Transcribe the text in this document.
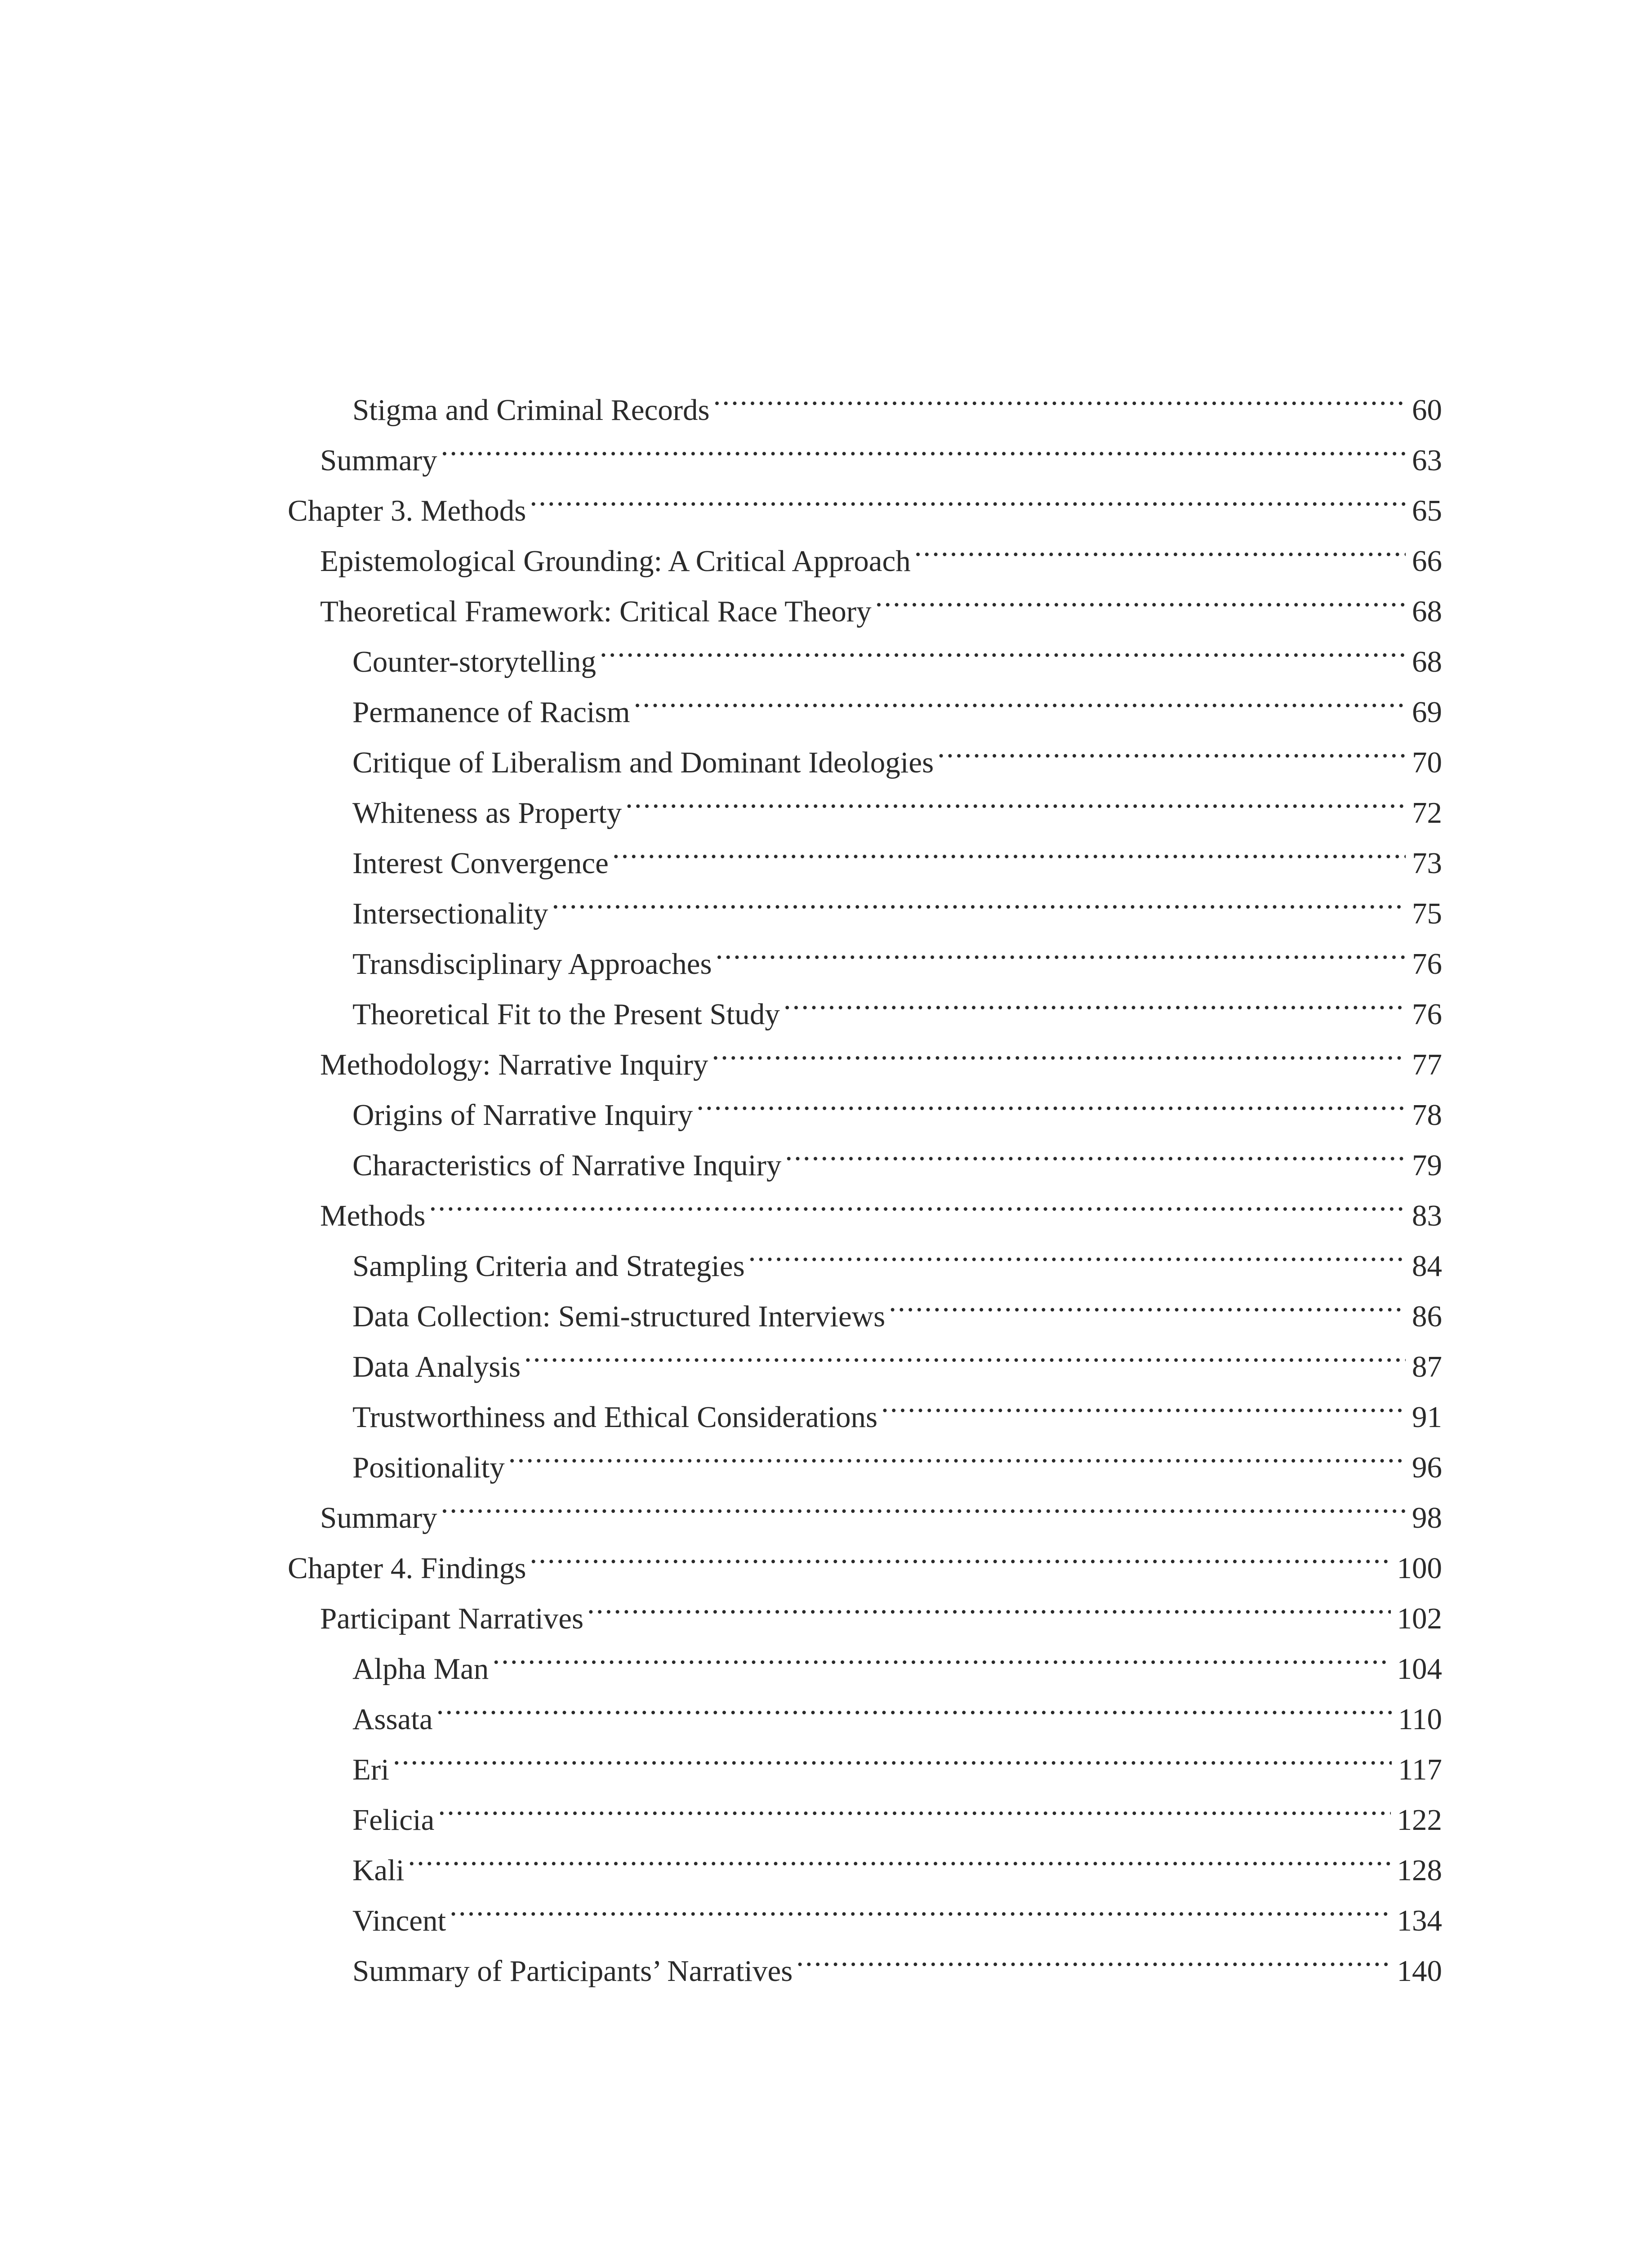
Stigma and Criminal Records .....	60
Summary .....	63
Chapter 3. Methods .....	65
Epistemological Grounding: A Critical Approach .....	66
Theoretical Framework: Critical Race Theory .....	68
Counter-storytelling .....	68
Permanence of Racism .....	69
Critique of Liberalism and Dominant Ideologies .....	70
Whiteness as Property .....	72
Interest Convergence .....	73
Intersectionality .....	75
Transdisciplinary Approaches .....	76
Theoretical Fit to the Present Study .....	76
Methodology: Narrative Inquiry .....	77
Origins of Narrative Inquiry .....	78
Characteristics of Narrative Inquiry .....	79
Methods .....	83
Sampling Criteria and Strategies .....	84
Data Collection: Semi-structured Interviews .....	86
Data Analysis .....	87
Trustworthiness and Ethical Considerations .....	91
Positionality .....	96
Summary .....	98
Chapter 4. Findings .....	100
Participant Narratives .....	102
Alpha Man .....	104
Assata .....	110
Eri .....	117
Felicia .....	122
Kali .....	128
Vincent .....	134
Summary of Participants’ Narratives .....	140
